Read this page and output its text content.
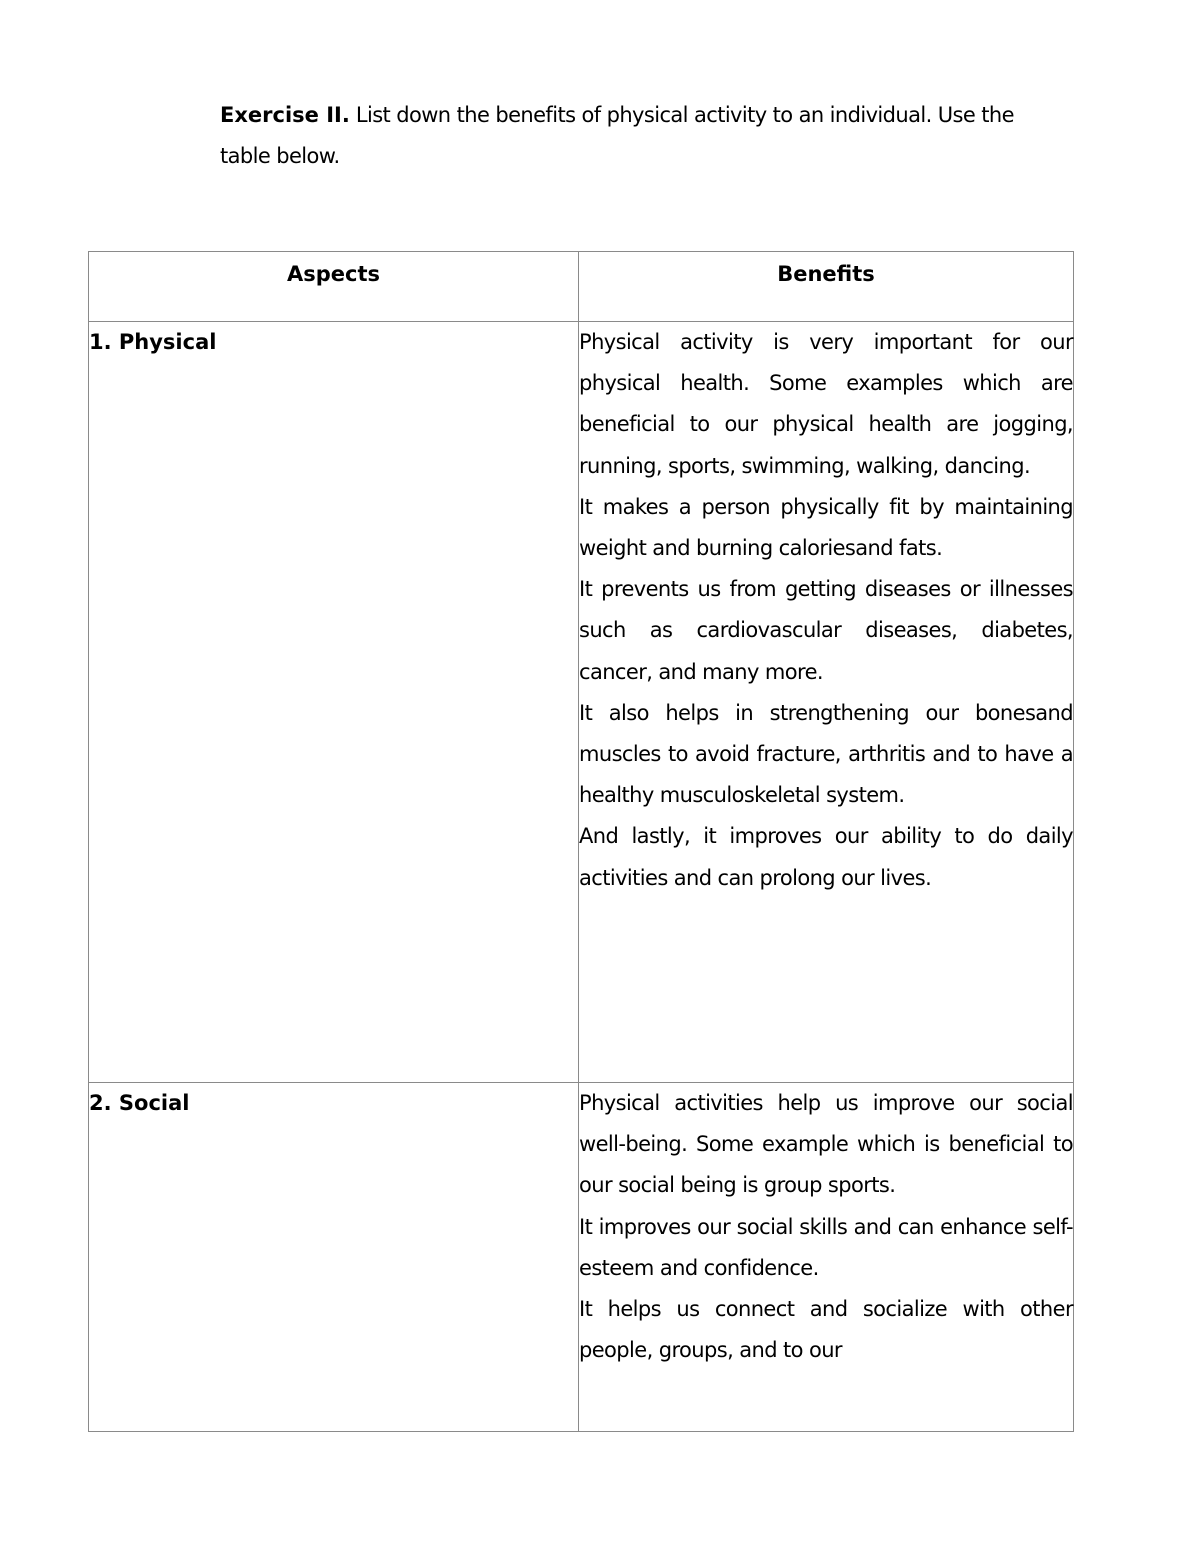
Exercise II. List down the benefits of physical activity to an individual. Use the table below.
Aspects	Benefits
1. Physical	Physical activity is very important for our physical health. Some examples which are beneficial to our physical health are jogging, running, sports, swimming, walking, dancing.

It makes a person physically fit by maintaining weight and burning caloriesand fats.

It prevents us from getting diseases or illnesses such as cardiovascular diseases, diabetes, cancer, and many more.

It also helps in strengthening our bonesand muscles to avoid fracture, arthritis and to have a healthy musculoskeletal system.

And lastly, it improves our ability to do daily activities and can prolong our lives.

2. Social	Physical activities help us improve our social well-being. Some example which is beneficial to our social being is group sports.

It improves our social skills and can enhance self-esteem and confidence.

It helps us connect and socialize with other people, groups, and to our
